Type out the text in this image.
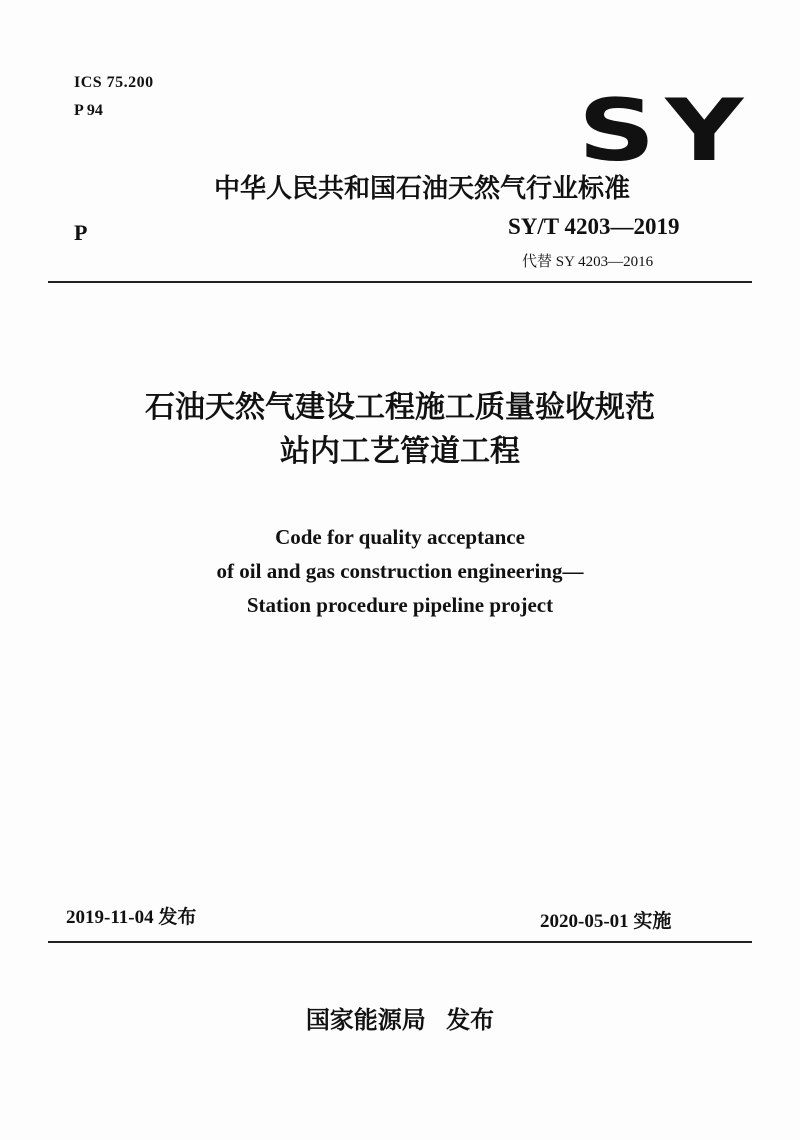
ICS 75.200
P 94	SY
中华人民共和国石油天然气行业标准
P	SY/T 4203—2019
代替 SY 4203—2016
石油天然气建设工程施工质量验收规范
站内工艺管道工程
Code for quality acceptance
of oil and gas construction engineering—
Station procedure pipeline project
2019-11-04 发布	2020-05-01 实施
国家能源局 发布
